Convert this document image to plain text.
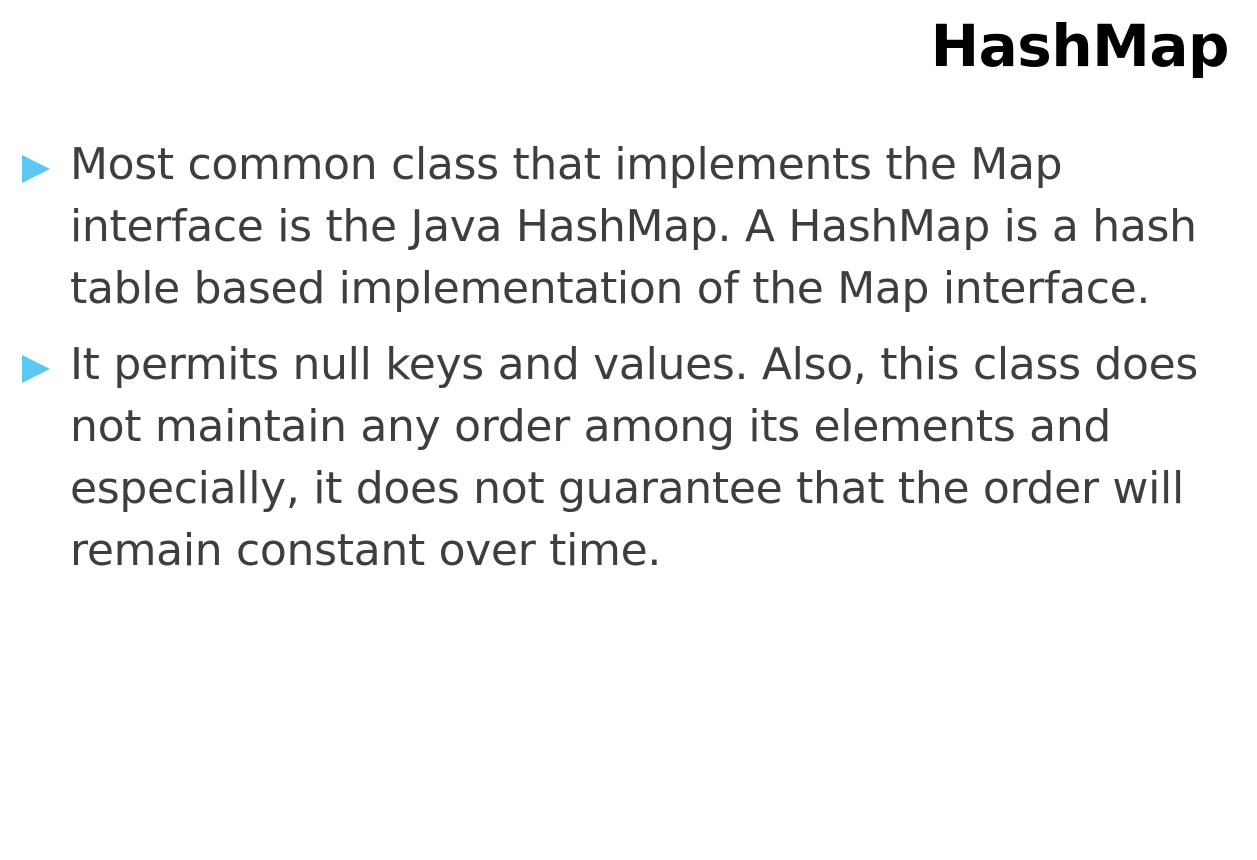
HashMap
Most common class that implements the Map interface is the Java HashMap. A HashMap is a hash table based implementation of the Map interface.
It permits null keys and values. Also, this class does not maintain any order among its elements and especially, it does not guarantee that the order will remain constant over time.
